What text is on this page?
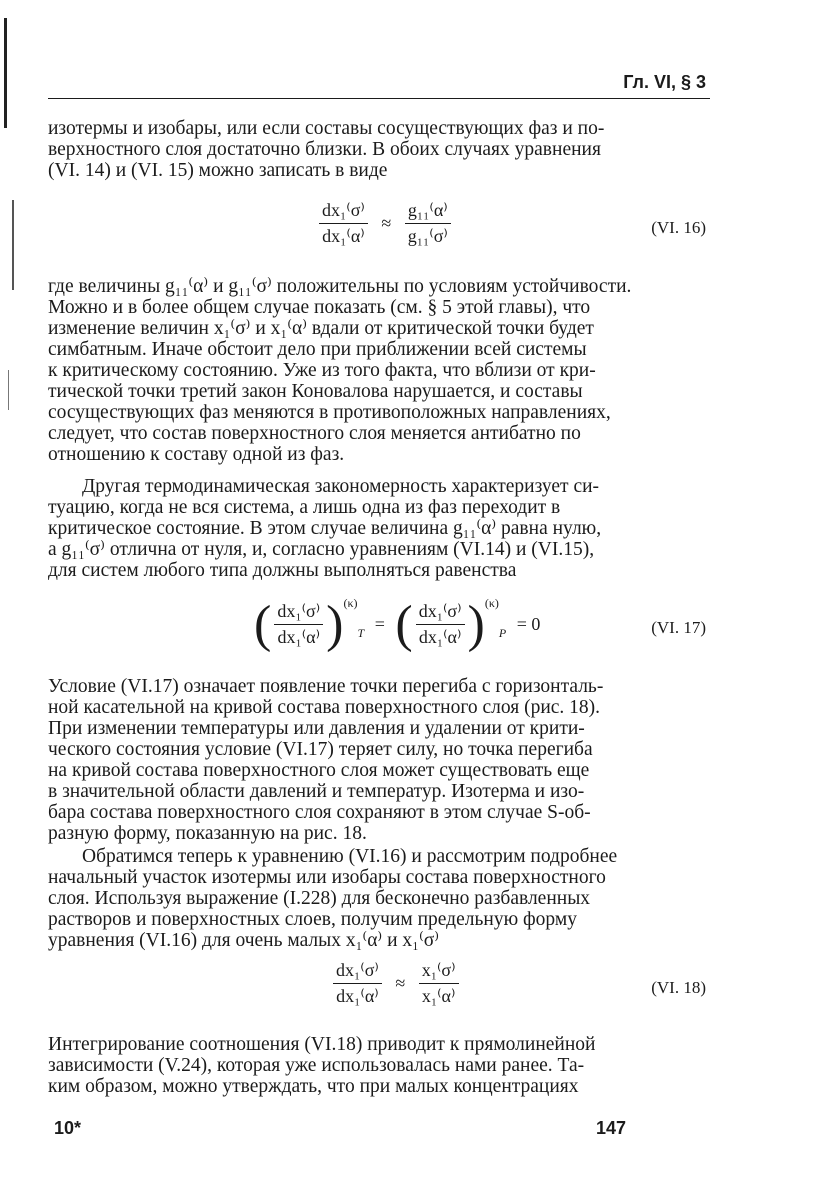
Гл. VI, § 3

изотермы и изобары, или если составы сосуществующих фаз и по-
верхностного слоя достаточно близки. В обоих случаях уравнения
(VI. 14) и (VI. 15) можно записать в виде

$\frac{\text{dx₁⁽σ⁾}}{\text{dx₁⁽α⁾}} \approx \frac{\text{g₁₁⁽α⁾}}{\text{g₁₁⁽σ⁾}}$	(VI. 16)

где величины g₁₁⁽α⁾ и g₁₁⁽σ⁾ положительны по условиям устойчивости.
Можно и в более общем случае показать (см. § 5 этой главы), что
изменение величин x₁⁽σ⁾ и x₁⁽α⁾ вдали от критической точки будет
симбатным. Иначе обстоит дело при приближении всей системы
к критическому состоянию. Уже из того факта, что вблизи от кри-
тической точки третий закон Коновалова нарушается, и составы
сосуществующих фаз меняются в противоположных направлениях,
следует, что состав поверхностного слоя меняется антибатно по
отношению к составу одной из фаз.

Другая термодинамическая закономерность характеризует си-
туацию, когда не вся система, а лишь одна из фаз переходит в
критическое состояние. В этом случае величина g₁₁⁽α⁾ равна нулю,
а g₁₁⁽σ⁾ отлична от нуля, и, согласно уравнениям (VI.14) и (VI.15),
для систем любого типа должны выполняться равенства

( $\frac{\text{dx₁⁽σ⁾}}{\text{dx₁⁽α⁾}} )^{(\kappa)}_T$ = ( $\frac{\text{dx₁⁽σ⁾}}{\text{dx₁⁽α⁾}} )^{(\kappa)}_P = 0$	(VI. 17)

Условие (VI.17) означает появление точки перегиба с горизонталь-
ной касательной на кривой состава поверхностного слоя (рис. 18).
При изменении температуры или давления и удалении от крити-
ческого состояния условие (VI.17) теряет силу, но точка перегиба
на кривой состава поверхностного слоя может существовать еще
в значительной области давлений и температур. Изотерма и изо-
бара состава поверхностного слоя сохраняют в этом случае S-об-
разную форму, показанную на рис. 18.

Обратимся теперь к уравнению (VI.16) и рассмотрим подробнее
начальный участок изотермы или изобары состава поверхностного
слоя. Используя выражение (I.228) для бесконечно разбавленных
растворов и поверхностных слоев, получим предельную форму
уравнения (VI.16) для очень малых x₁⁽α⁾ и x₁⁽σ⁾

$\frac{\text{dx₁⁽σ⁾}}{\text{dx₁⁽α⁾}} \approx \frac{\text{x₁⁽σ⁾}}{\text{x₁⁽α⁾}}$	(VI. 18)

Интегрирование соотношения (VI.18) приводит к прямолинейной
зависимости (V.24), которая уже использовалась нами ранее. Та-
ким образом, можно утверждать, что при малых концентрациях

10*	147
